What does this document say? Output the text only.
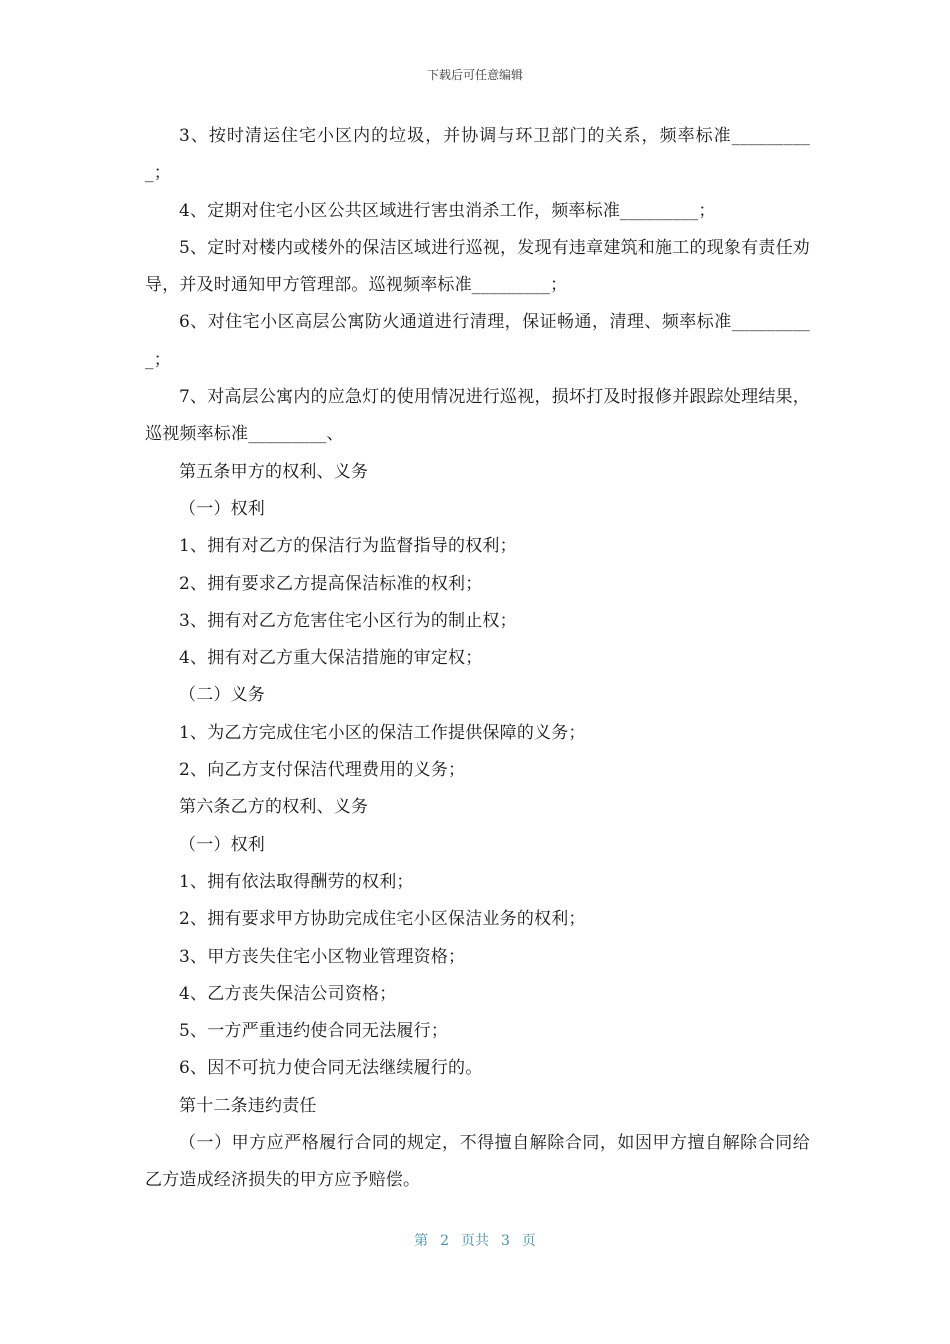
下载后可任意编辑

3、按时清运住宅小区内的垃圾，并协调与环卫部门的关系，频率标准__________；

4、定期对住宅小区公共区域进行害虫消杀工作，频率标准_________；

5、定时对楼内或楼外的保洁区域进行巡视，发现有违章建筑和施工的现象有责任劝导，并及时通知甲方管理部。巡视频率标准_________；

6、对住宅小区高层公寓防火通道进行清理，保证畅通，清理、频率标准__________；

7、对高层公寓内的应急灯的使用情况进行巡视，损坏打及时报修并跟踪处理结果，巡视频率标准_________、

第五条甲方的权利、义务

（一）权利

1、拥有对乙方的保洁行为监督指导的权利；

2、拥有要求乙方提高保洁标准的权利；

3、拥有对乙方危害住宅小区行为的制止权；

4、拥有对乙方重大保洁措施的审定权；

（二）义务

1、为乙方完成住宅小区的保洁工作提供保障的义务；

2、向乙方支付保洁代理费用的义务；

第六条乙方的权利、义务

（一）权利

1、拥有依法取得酬劳的权利；

2、拥有要求甲方协助完成住宅小区保洁业务的权利；

3、甲方丧失住宅小区物业管理资格；

4、乙方丧失保洁公司资格；

5、一方严重违约使合同无法履行；

6、因不可抗力使合同无法继续履行的。

第十二条违约责任

（一）甲方应严格履行合同的规定，不得擅自解除合同，如因甲方擅自解除合同给乙方造成经济损失的甲方应予赔偿。

第 2 页共 3 页
